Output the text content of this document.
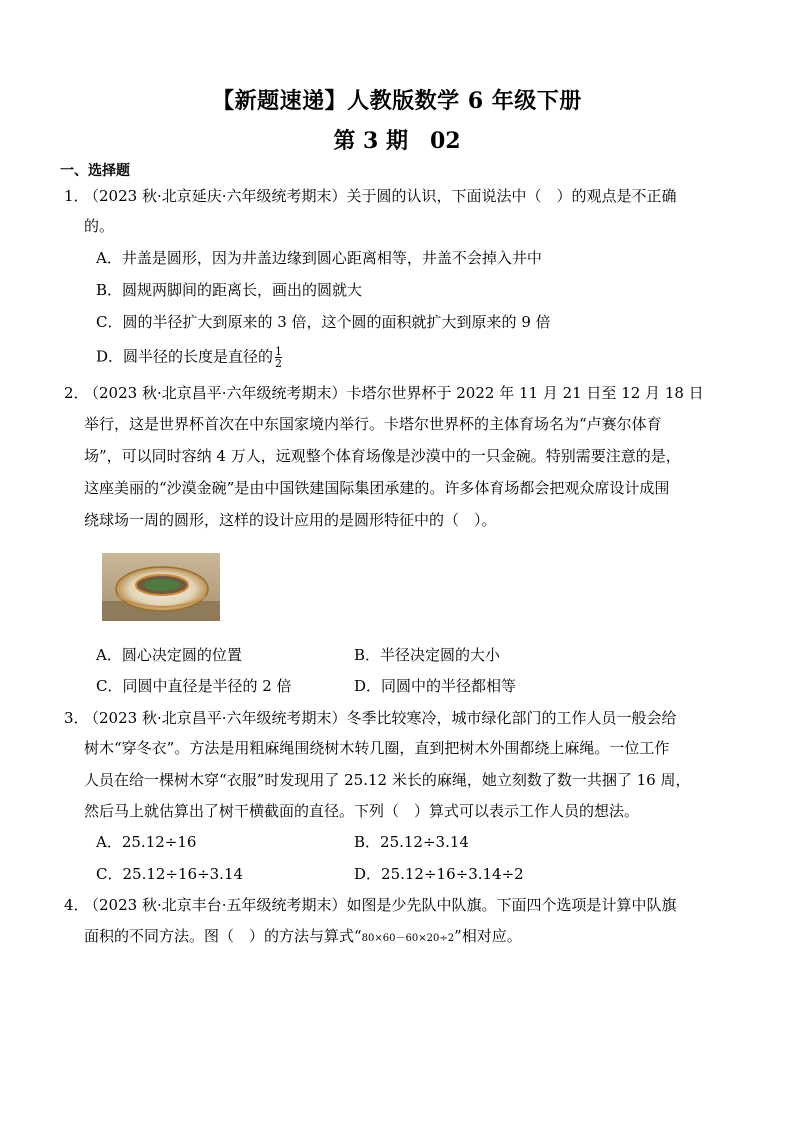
【新题速递】人教版数学 6 年级下册
第 3 期　02
一、选择题
1．
（2023 秋·北京延庆·六年级统考期末）关于圆的认识，下面说法中（　）的观点是不正确
的。
A．井盖是圆形，因为井盖边缘到圆心距离相等，井盖不会掉入井中
B．圆规两脚间的距离长，画出的圆就大
C．圆的半径扩大到原来的 3 倍，这个圆的面积就扩大到原来的 9 倍
D．圆半径的长度是直径的 $\frac{1}{2}$
2．
（2023 秋·北京昌平·六年级统考期末）卡塔尔世界杯于 2022 年 11 月 21 日至 12 月 18 日
举行，这是世界杯首次在中东国家境内举行。卡塔尔世界杯的主体育场名为“卢赛尔体育
场”，可以同时容纳 4 万人，远观整个体育场像是沙漠中的一只金碗。特别需要注意的是，
这座美丽的“沙漠金碗”是由中国铁建国际集团承建的。许多体育场都会把观众席设计成围
绕球场一周的圆形，这样的设计应用的是圆形特征中的（　）。
A．圆心决定圆的位置	B．半径决定圆的大小
C．同圆中直径是半径的 2 倍	D．同圆中的半径都相等
3．
（2023 秋·北京昌平·六年级统考期末）冬季比较寒冷，城市绿化部门的工作人员一般会给
树木“穿冬衣”。方法是用粗麻绳围绕树木转几圈，直到把树木外围都绕上麻绳。一位工作
人员在给一棵树木穿“衣服”时发现用了 25.12 米长的麻绳，她立刻数了数一共捆了 16 周，
然后马上就估算出了树干横截面的直径。下列（　）算式可以表示工作人员的想法。
A．25.12÷16	B．25.12÷3.14
C．25.12÷16÷3.14	D．25.12÷16÷3.14÷2
4．
（2023 秋·北京丰台·五年级统考期末）如图是少先队中队旗。下面四个选项是计算中队旗
面积的不同方法。图（　）的方法与算式“80×60－60×20÷2”相对应。
